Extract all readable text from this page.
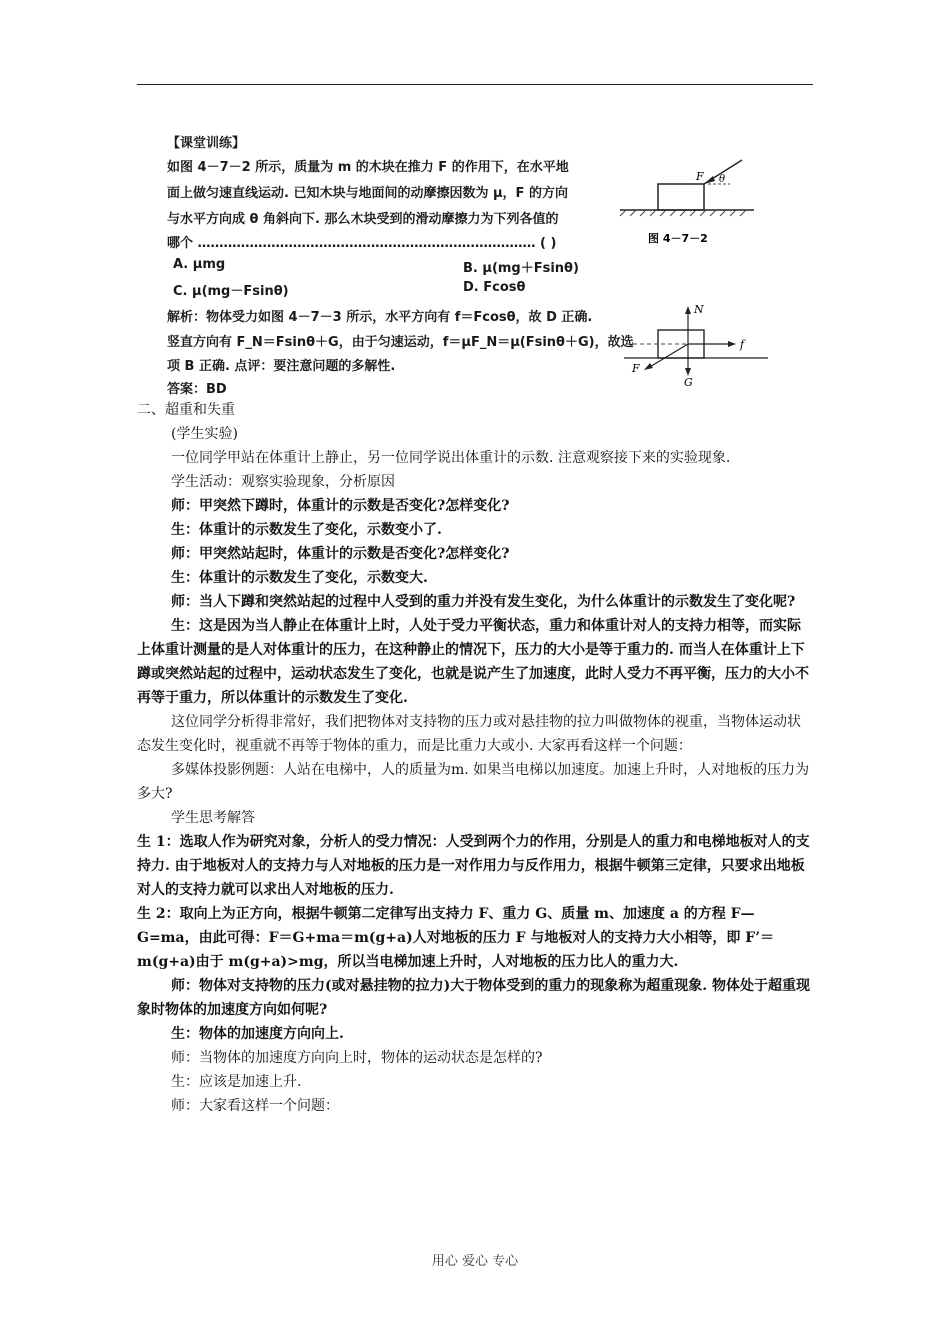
【课堂训练】
如图 4－7－2 所示，质量为 m 的木块在推力 F 的作用下，在水平地
面上做匀速直线运动. 已知木块与地面间的动摩擦因数为 μ，F 的方向
与水平方向成 θ 角斜向下. 那么木块受到的滑动摩擦力为下列各值的
哪个 …………………………………………………………………… ( )
A. μmg	B. μ(mg＋Fsinθ)
C. μ(mg－Fsinθ)	D. Fcosθ
解析：物体受力如图 4－7－3 所示，水平方向有 f＝Fcosθ，故 D 正确.
竖直方向有 F_N＝Fsinθ＋G，由于匀速运动，f＝μF_N＝μ(Fsinθ＋G)，故选
项 B 正确. 点评：要注意问题的多解性.
答案：BD
F θ
图 4－7－2
N
f
F
G

二、超重和失重

(学生实验)

一位同学甲站在体重计上静止，另一位同学说出体重计的示数. 注意观察接下来的实验现象.

学生活动：观察实验现象，分析原因

师：甲突然下蹲时，体重计的示数是否变化?怎样变化?

生：体重计的示数发生了变化，示数变小了.

师：甲突然站起时，体重计的示数是否变化?怎样变化?

生：体重计的示数发生了变化，示数变大.

师：当人下蹲和突然站起的过程中人受到的重力并没有发生变化，为什么体重计的示数发生了变化呢?

生：这是因为当人静止在体重计上时，人处于受力平衡状态，重力和体重计对人的支持力相等，而实际上体重计测量的是人对体重计的压力，在这种静止的情况下，压力的大小是等于重力的. 而当人在体重计上下蹲或突然站起的过程中，运动状态发生了变化，也就是说产生了加速度，此时人受力不再平衡，压力的大小不再等于重力，所以体重计的示数发生了变化.

这位同学分析得非常好，我们把物体对支持物的压力或对悬挂物的拉力叫做物体的视重，当物体运动状态发生变化时，视重就不再等于物体的重力，而是比重力大或小. 大家再看这样一个问题：

多媒体投影例题：人站在电梯中，人的质量为m. 如果当电梯以加速度。加速上升时，人对地板的压力为多大?

学生思考解答

生 1：选取人作为研究对象，分析人的受力情况：人受到两个力的作用，分别是人的重力和电梯地板对人的支持力. 由于地板对人的支持力与人对地板的压力是一对作用力与反作用力，根据牛顿第三定律，只要求出地板对人的支持力就可以求出人对地板的压力.

生 2：取向上为正方向，根据牛顿第二定律写出支持力 F、重力 G、质量 m、加速度 a 的方程 F—G=ma，由此可得：F＝G+ma＝m(g+a)人对地板的压力 F 与地板对人的支持力大小相等，即 F’＝m(g+a)由于 m(g+a)>mg，所以当电梯加速上升时，人对地板的压力比人的重力大.

师：物体对支持物的压力(或对悬挂物的拉力)大于物体受到的重力的现象称为超重现象. 物体处于超重现象时物体的加速度方向如何呢?

生：物体的加速度方向向上.

师：当物体的加速度方向向上时，物体的运动状态是怎样的?

生：应该是加速上升.

师：大家看这样一个问题：

用心 爱心 专心
